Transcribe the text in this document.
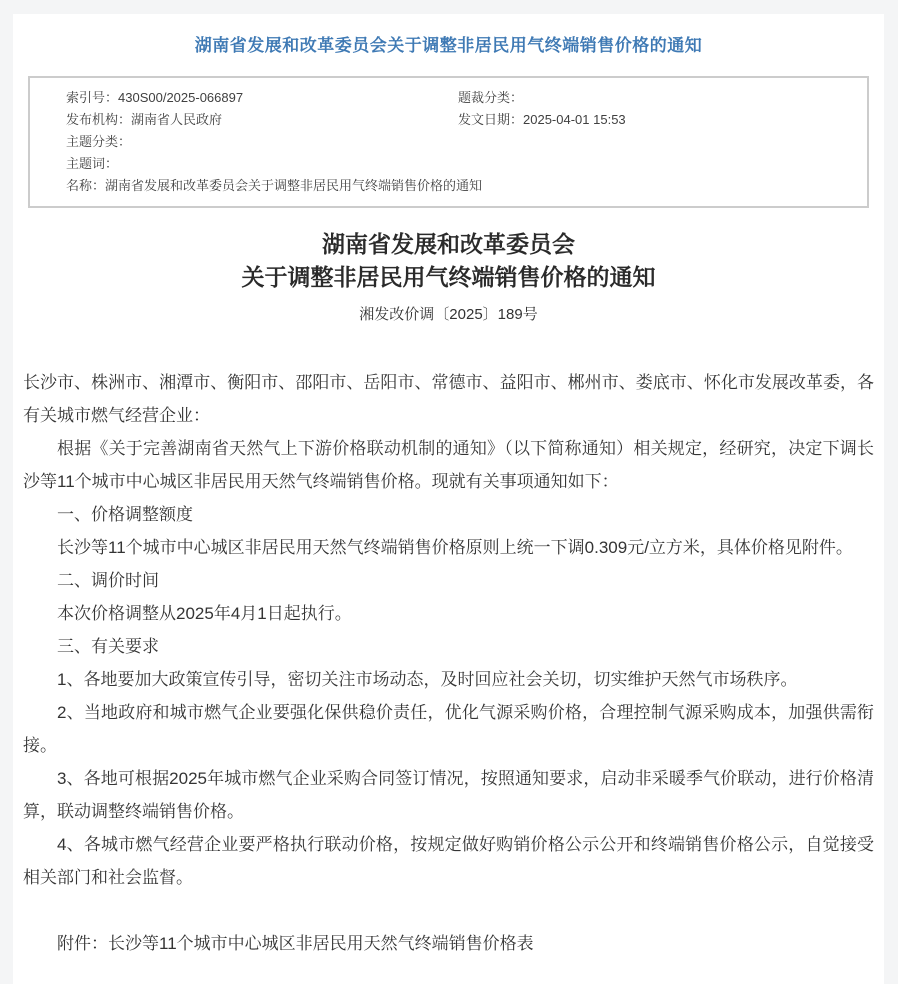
湖南省发展和改革委员会关于调整非居民用气终端销售价格的通知
索引号：430S00/2025-066897	题裁分类：
发布机构：湖南省人民政府	发文日期：2025-04-01 15:53
主题分类：
主题词：
名称：湖南省发展和改革委员会关于调整非居民用气终端销售价格的通知
湖南省发展和改革委员会
关于调整非居民用气终端销售价格的通知
湘发改价调〔2025〕189号

长沙市、株洲市、湘潭市、衡阳市、邵阳市、岳阳市、常德市、益阳市、郴州市、娄底市、怀化市发展改革委，各有关城市燃气经营企业：

根据《关于完善湖南省天然气上下游价格联动机制的通知》（以下简称通知）相关规定，经研究，决定下调长沙等11个城市中心城区非居民用天然气终端销售价格。现就有关事项通知如下：

一、价格调整额度

长沙等11个城市中心城区非居民用天然气终端销售价格原则上统一下调0.309元/立方米，具体价格见附件。

二、调价时间

本次价格调整从2025年4月1日起执行。

三、有关要求

1、各地要加大政策宣传引导，密切关注市场动态，及时回应社会关切，切实维护天然气市场秩序。

2、当地政府和城市燃气企业要强化保供稳价责任，优化气源采购价格，合理控制气源采购成本，加强供需衔接。

3、各地可根据2025年城市燃气企业采购合同签订情况，按照通知要求，启动非采暖季气价联动，进行价格清算，联动调整终端销售价格。

4、各城市燃气经营企业要严格执行联动价格，按规定做好购销价格公示公开和终端销售价格公示，自觉接受相关部门和社会监督。

附件：长沙等11个城市中心城区非居民用天然气终端销售价格表
